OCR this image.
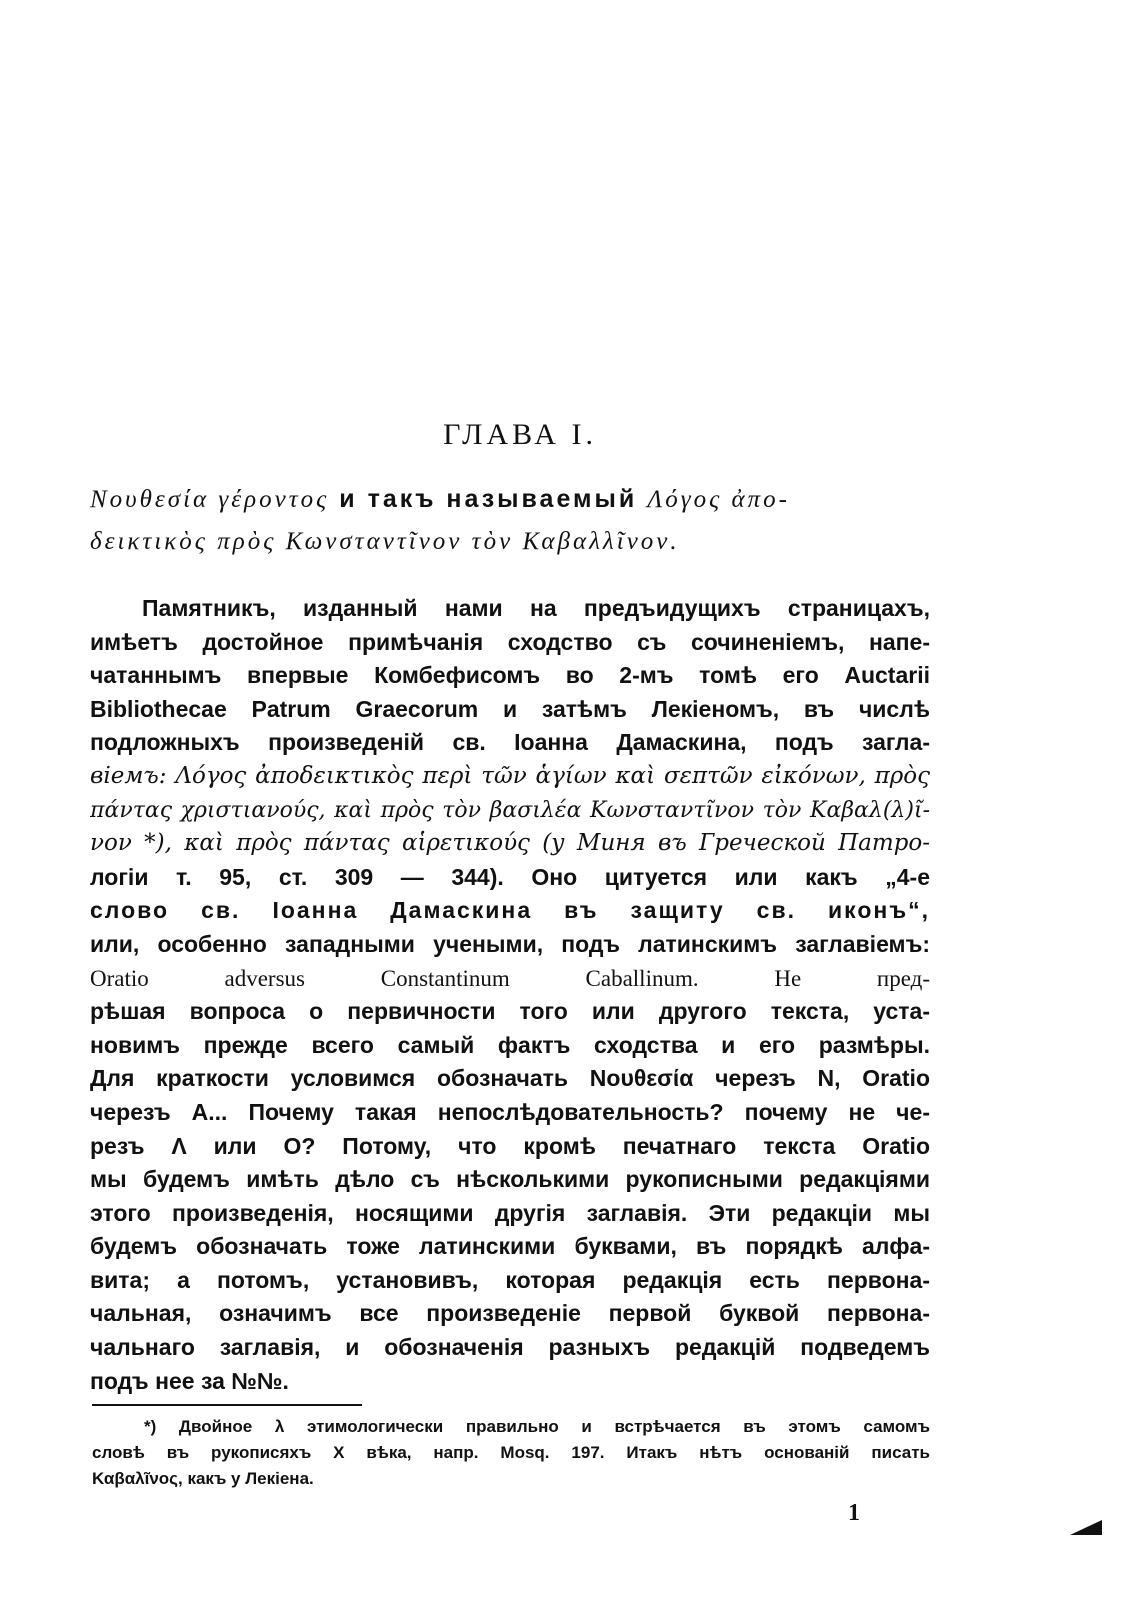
ГЛАВА I.
Νουθεσία γέροντος и такъ называемый Λόγος ἀπο-
δεικτικὸς πρὸς Κωνσταντῖνον τὸν Καβαλλῖνον.
Памятникъ, изданный нами на предъидущихъ страницахъ,
имѣетъ достойное примѣчанія сходство съ сочиненіемъ, напе-
чатаннымъ впервые Комбефисомъ во 2-мъ томѣ его Auctarii
Bibliothecae Patrum Graecorum и затѣмъ Лекіеномъ, въ числѣ
подложныхъ произведеній св. Іоанна Дамаскина, подъ загла-
віемъ: Λόγος ἀποδεικτικὸς περὶ τῶν ἁγίων καὶ σεπτῶν εἰκόνων, πρὸς
πάντας χριστιανούς, καὶ πρὸς τὸν βασιλέα Κωνσταντῖνον τὸν Καβαλ(λ)ῖ-
νον *), καὶ πρὸς πάντας αἱρετικούς (у Миня въ Греческой Патро-
логіи т. 95, ст. 309 — 344). Оно цитуется или какъ „4-е
слово св. Іоанна Дамаскина въ защиту св. иконъ“,
или, особенно западными учеными, подъ латинскимъ заглавіемъ:
Oratio adversus Constantinum Caballinum. Не пред-
рѣшая вопроса о первичности того или другого текста, уста-
новимъ прежде всего самый фактъ сходства и его размѣры.
Для краткости условимся обозначать Νουθεσία черезъ N, Oratio
черезъ А... Почему такая непослѣдовательность? почему не че-
резъ Λ или О? Потому, что кромѣ печатнаго текста Oratio
мы будемъ имѣть дѣло съ нѣсколькими рукописными редакціями
этого произведенія, носящими другія заглавія. Эти редакціи мы
будемъ обозначать тоже латинскими буквами, въ порядкѣ алфа-
вита; а потомъ, установивъ, которая редакція есть первона-
чальная, означимъ все произведеніе первой буквой первона-
чальнаго заглавія, и обозначенія разныхъ редакцій подведемъ
подъ нее за №№.
*) Двойное λ этимологически правильно и встрѣчается въ этомъ самомъ
словѣ въ рукописяхъ X вѣка, напр. Mosq. 197. Итакъ нѣтъ основаній писать
Καβαλῖνος, какъ у Лекіена.
1
